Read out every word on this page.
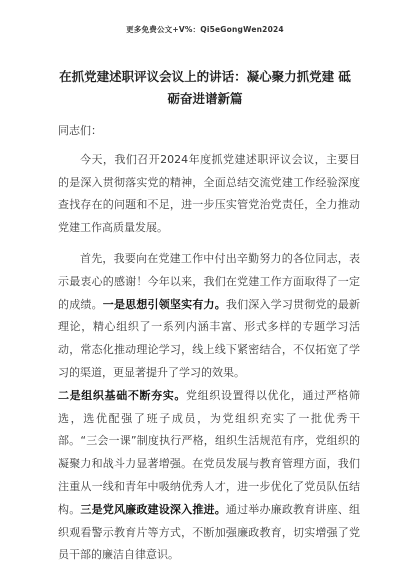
更多免费公文+V%：Qi5eGongWen2024
在抓党建述职评议会议上的讲话：凝心聚力抓党建 砥砺奋进谱新篇

同志们：

今天，我们召开2024年度抓党建述职评议会议，主要目的是深入贯彻落实党的精神，全面总结交流党建工作经验深度查找存在的问题和不足，进一步压实管党治党责任，全力推动党建工作高质量发展。

首先，我要向在党建工作中付出辛勤努力的各位同志，表示最衷心的感谢！今年以来，我们在党建工作方面取得了一定的成绩。一是思想引领坚实有力。我们深入学习贯彻党的最新理论，精心组织了一系列内涵丰富、形式多样的专题学习活动，常态化推动理论学习，线上线下紧密结合，不仅拓宽了学习的渠道，更显著提升了学习的效果。

二是组织基础不断夯实。党组织设置得以优化，通过严格筛选，选优配强了班子成员，为党组织充实了一批优秀干部。“三会一课”制度执行严格，组织生活规范有序，党组织的凝聚力和战斗力显著增强。在党员发展与教育管理方面，我们注重从一线和青年中吸纳优秀人才，进一步优化了党员队伍结构。三是党风廉政建设深入推进。通过举办廉政教育讲座、组织观看警示教育片等方式，不断加强廉政教育，切实增强了党员干部的廉洁自律意识。
